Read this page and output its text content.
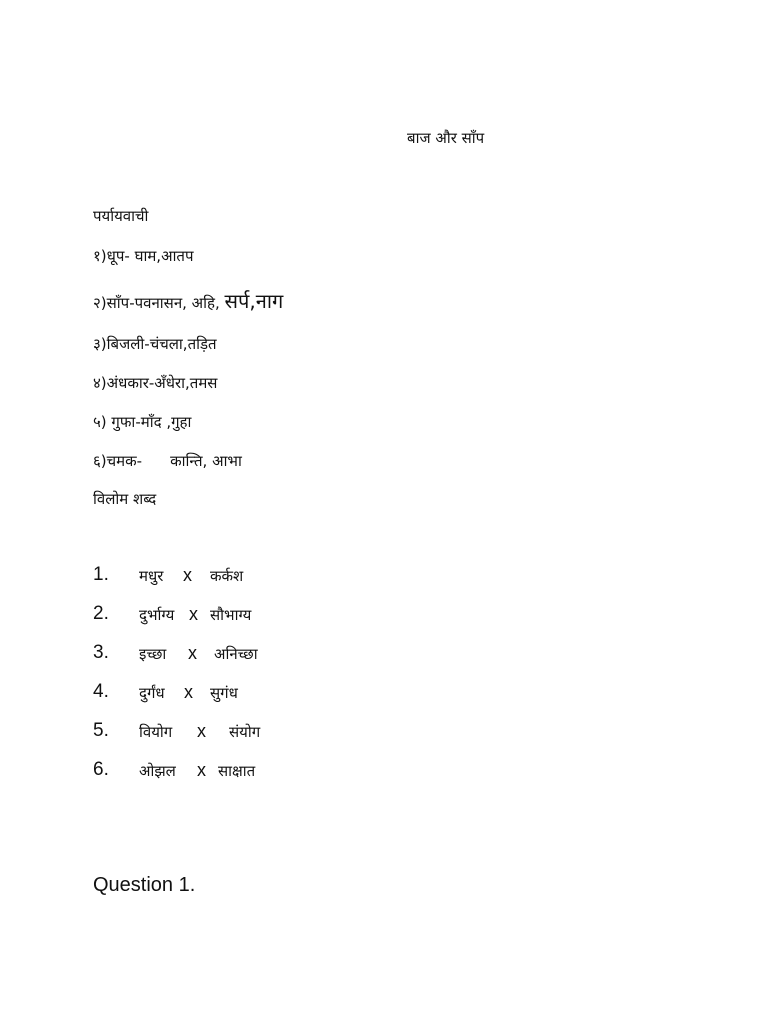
बाज और साँप
पर्यायवाची
१)धूप- घाम,आतप
२)साँप-पवनासन, अहि, सर्प,नाग
३)बिजली-चंचला,तड़ित
४)अंधकार-अँधेरा,तमस
५) गुफा-माँद ,गुहा
६)चमक- कान्ति, आभा
विलोम शब्द
1. मधुर x कर्कश
2. दुर्भाग्य x सौभाग्य
3. इच्छा x अनिच्छा
4. दुर्गंध x सुगंध
5. वियोग x संयोग
6. ओझल x साक्षात
Question 1.
